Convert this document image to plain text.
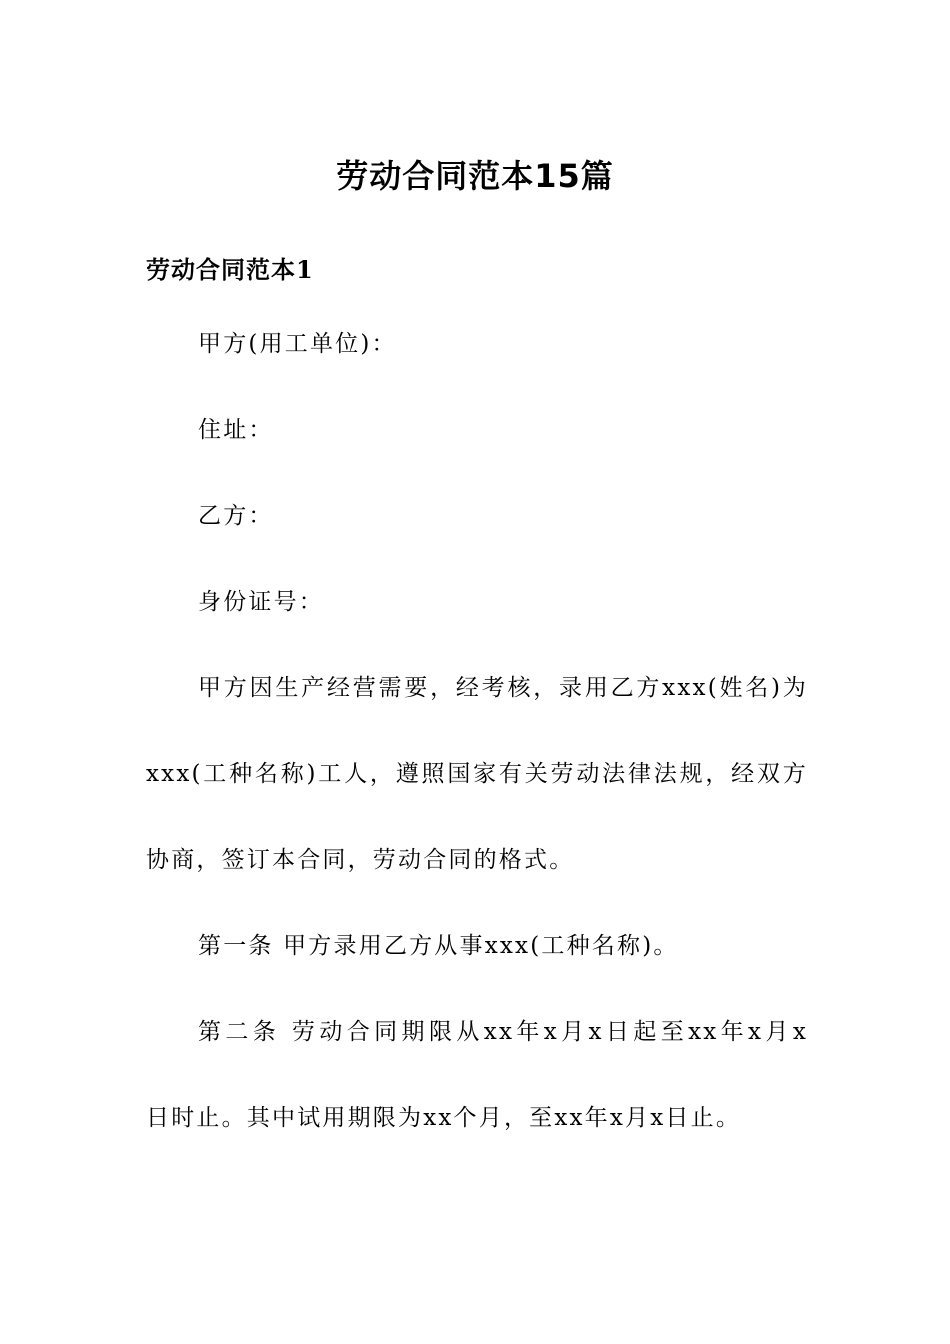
劳动合同范本15篇
劳动合同范本1
甲方(用工单位)：
住址：
乙方：
身份证号：
甲方因生产经营需要，经考核，录用乙方xxx(姓名)为
xxx(工种名称)工人，遵照国家有关劳动法律法规，经双方
协商，签订本合同，劳动合同的格式。
第一条 甲方录用乙方从事xxx(工种名称)。
第二条 劳动合同期限从xx年x月x日起至xx年x月x
日时止。其中试用期限为xx个月，至xx年x月x日止。
